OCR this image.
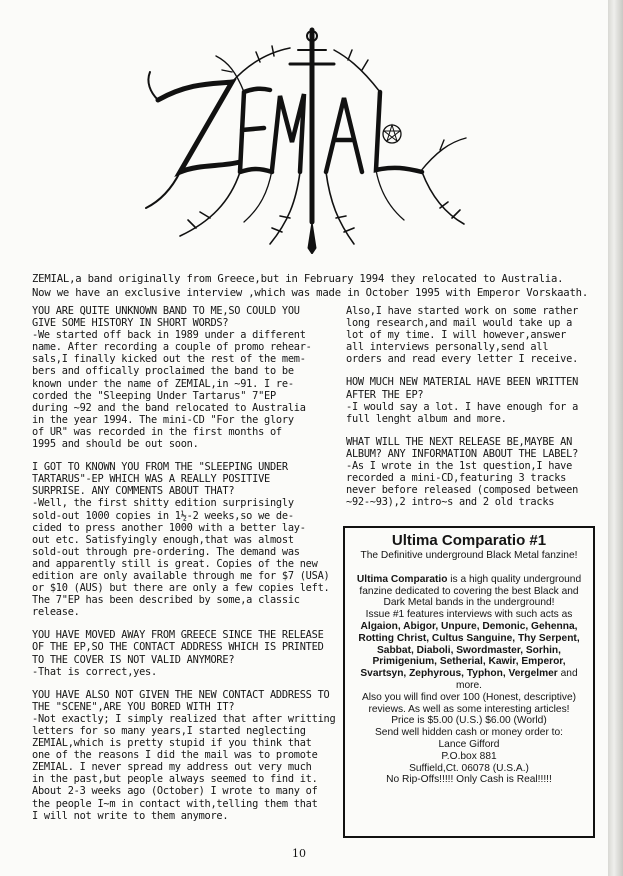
ZEMIAL,a band originally from Greece,but in February 1994 they relocated to Australia.
Now we have an exclusive interview ,which was made in October 1995 with Emperor Vorskaath.
YOU ARE QUITE UNKNOWN BAND TO ME,SO COULD YOU
GIVE SOME HISTORY IN SHORT WORDS?
-We started off back in 1989 under a different
name. After recording a couple of promo rehear-
sals,I finally kicked out the rest of the mem-
bers and offically proclaimed the band to be
known under the name of ZEMIAL,in ~91. I re-
corded the "Sleeping Under Tartarus" 7"EP
during ~92 and the band relocated to Australia
in the year 1994. The mini-CD "For the glory
of UR" was recorded in the first months of
1995 and should be out soon.
I GOT TO KNOWN YOU FROM THE "SLEEPING UNDER
TARTARUS"-EP WHICH WAS A REALLY POSITIVE
SURPRISE. ANY COMMENTS ABOUT THAT?
-Well, the first shitty edition surprisingly
sold-out 1000 copies in 1½-2 weeks,so we de-
cided to press another 1000 with a better lay-
out etc. Satisfyingly enough,that was almost
sold-out through pre-ordering. The demand was
and apparently still is great. Copies of the new
edition are only available through me for $7 (USA)
or $10 (AUS) but there are only a few copies left.
The 7"EP has been described by some,a classic
release.
YOU HAVE MOVED AWAY FROM GREECE SINCE THE RELEASE
OF THE EP,SO THE CONTACT ADDRESS WHICH IS PRINTED
TO THE COVER IS NOT VALID ANYMORE?
-That is correct,yes.
YOU HAVE ALSO NOT GIVEN THE NEW CONTACT ADDRESS TO
THE "SCENE",ARE YOU BORED WITH IT?
-Not exactly; I simply realized that after writting
letters for so many years,I started neglecting
ZEMIAL,which is pretty stupid if you think that
one of the reasons I did the mail was to promote
ZEMIAL. I never spread my address out very much
in the past,but people always seemed to find it.
About 2-3 weeks ago (October) I wrote to many of
the people I~m in contact with,telling them that
I will not write to them anymore.
Also,I have started work on some rather
long research,and mail would take up a
lot of my time. I will however,answer
all interviews personally,send all
orders and read every letter I receive.
HOW MUCH NEW MATERIAL HAVE BEEN WRITTEN
AFTER THE EP?
-I would say a lot. I have enough for a
full lenght album and more.
WHAT WILL THE NEXT RELEASE BE,MAYBE AN
ALBUM? ANY INFORMATION ABOUT THE LABEL?
-As I wrote in the 1st question,I have
recorded a mini-CD,featuring 3 tracks
never before released (composed between
~92-~93),2 intro~s and 2 old tracks
Ultima Comparatio #1
The Definitive underground Black Metal fanzine!
Ultima Comparatio is a high quality underground fanzine dedicated to covering the best Black and Dark Metal bands in the underground!
Issue #1 features interviews with such acts as Algaion, Abigor, Unpure, Demonic, Gehenna, Rotting Christ, Cultus Sanguine, Thy Serpent, Sabbat, Diaboli, Swordmaster, Sorhin, Primigenium, Setherial, Kawir, Emperor, Svartsyn, Zephyrous, Typhon, Vergelmer and more.
Also you will find over 100 (Honest, descriptive) reviews. As well as some interesting articles!
Price is $5.00 (U.S.) $6.00 (World)
Send well hidden cash or money order to:
Lance Gifford
P.O.box 881
Suffield,Ct. 06078 (U.S.A.)
No Rip-Offs!!!!! Only Cash is Real!!!!!
10
